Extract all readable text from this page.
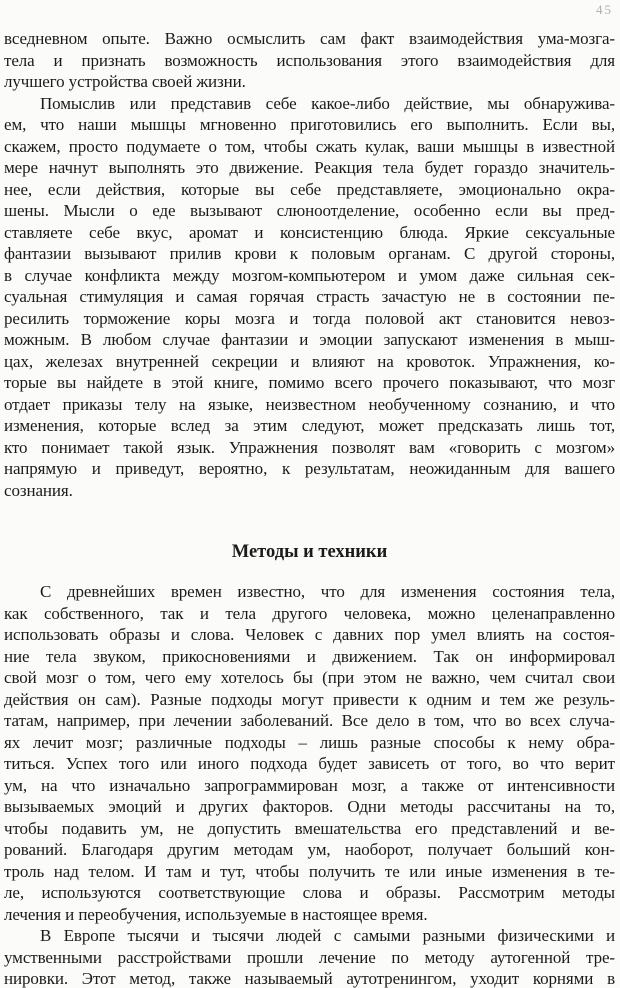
45
вседневном опыте. Важно осмыслить сам факт взаимодействия ума-мозга-
тела и признать возможность использования этого взаимодействия для
лучшего устройства своей жизни.
Помыслив или представив себе какое-либо действие, мы обнаружива-
ем, что наши мышцы мгновенно приготовились его выполнить. Если вы,
скажем, просто подумаете о том, чтобы сжать кулак, ваши мышцы в известной
мере начнут выполнять это движение. Реакция тела будет гораздо значитель-
нее, если действия, которые вы себе представляете, эмоционально окра-
шены. Мысли о еде вызывают слюноотделение, особенно если вы пред-
ставляете себе вкус, аромат и консистенцию блюда. Яркие сексуальные
фантазии вызывают прилив крови к половым органам. С другой стороны,
в случае конфликта между мозгом-компьютером и умом даже сильная сек-
суальная стимуляция и самая горячая страсть зачастую не в состоянии пе-
ресилить торможение коры мозга и тогда половой акт становится невоз-
можным. В любом случае фантазии и эмоции запускают изменения в мыш-
цах, железах внутренней секреции и влияют на кровоток. Упражнения, ко-
торые вы найдете в этой книге, помимо всего прочего показывают, что мозг
отдает приказы телу на языке, неизвестном необученному сознанию, и что
изменения, которые вслед за этим следуют, может предсказать лишь тот,
кто понимает такой язык. Упражнения позволят вам «говорить с мозгом»
напрямую и приведут, вероятно, к результатам, неожиданным для вашего
сознания.
Методы и техники
С древнейших времен известно, что для изменения состояния тела,
как собственного, так и тела другого человека, можно целенаправленно
использовать образы и слова. Человек с давних пор умел влиять на состоя-
ние тела звуком, прикосновениями и движением. Так он информировал
свой мозг о том, чего ему хотелось бы (при этом не важно, чем считал свои
действия он сам). Разные подходы могут привести к одним и тем же резуль-
татам, например, при лечении заболеваний. Все дело в том, что во всех случа-
ях лечит мозг; различные подходы – лишь разные способы к нему обра-
титься. Успех того или иного подхода будет зависеть от того, во что верит
ум, на что изначально запрограммирован мозг, а также от интенсивности
вызываемых эмоций и других факторов. Одни методы рассчитаны на то,
чтобы подавить ум, не допустить вмешательства его представлений и ве-
рований. Благодаря другим методам ум, наоборот, получает больший кон-
троль над телом. И там и тут, чтобы получить те или иные изменения в те-
ле, используются соответствующие слова и образы. Рассмотрим методы
лечения и переобучения, используемые в настоящее время.
В Европе тысячи и тысячи людей с самыми разными физическими и
умственными расстройствами прошли лечение по методу аутогенной тре-
нировки. Этот метод, также называемый аутотренингом, уходит корнями в
